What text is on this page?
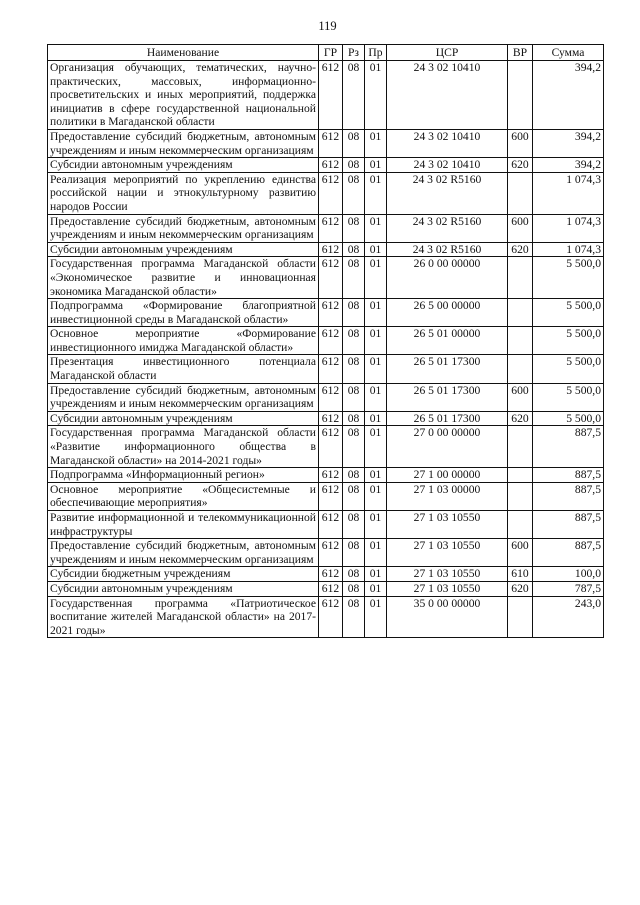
119
Наименование	ГР	Рз	Пр	ЦСР	ВР	Сумма
Организация обучающих, тематических, научно-практических, массовых, информационно-просветительских и иных мероприятий, поддержка инициатив в сфере государственной национальной политики в Магаданской области	612	08	01	24 3 02 10410		394,2
Предоставление субсидий бюджетным, автономным учреждениям и иным некоммерческим организациям	612	08	01	24 3 02 10410	600	394,2
Субсидии автономным учреждениям	612	08	01	24 3 02 10410	620	394,2
Реализация мероприятий по укреплению единства российской нации и этнокультурному развитию народов России	612	08	01	24 3 02 R5160		1 074,3
Предоставление субсидий бюджетным, автономным учреждениям и иным некоммерческим организациям	612	08	01	24 3 02 R5160	600	1 074,3
Субсидии автономным учреждениям	612	08	01	24 3 02 R5160	620	1 074,3
Государственная программа Магаданской области «Экономическое развитие и инновационная экономика Магаданской области»	612	08	01	26 0 00 00000		5 500,0
Подпрограмма «Формирование благоприятной инвестиционной среды в Магаданской области»	612	08	01	26 5 00 00000		5 500,0
Основное мероприятие «Формирование инвестиционного имиджа Магаданской области»	612	08	01	26 5 01 00000		5 500,0
Презентация инвестиционного потенциала Магаданской области	612	08	01	26 5 01 17300		5 500,0
Предоставление субсидий бюджетным, автономным учреждениям и иным некоммерческим организациям	612	08	01	26 5 01 17300	600	5 500,0
Субсидии автономным учреждениям	612	08	01	26 5 01 17300	620	5 500,0
Государственная программа Магаданской области «Развитие информационного общества в Магаданской области» на 2014-2021 годы»	612	08	01	27 0 00 00000		887,5
Подпрограмма «Информационный регион»	612	08	01	27 1 00 00000		887,5
Основное мероприятие «Общесистемные и обеспечивающие мероприятия»	612	08	01	27 1 03 00000		887,5
Развитие информационной и телекоммуникационной инфраструктуры	612	08	01	27 1 03 10550		887,5
Предоставление субсидий бюджетным, автономным учреждениям и иным некоммерческим организациям	612	08	01	27 1 03 10550	600	887,5
Субсидии бюджетным учреждениям	612	08	01	27 1 03 10550	610	100,0
Субсидии автономным учреждениям	612	08	01	27 1 03 10550	620	787,5
Государственная программа «Патриотическое воспитание жителей Магаданской области» на 2017-2021 годы»	612	08	01	35 0 00 00000		243,0
